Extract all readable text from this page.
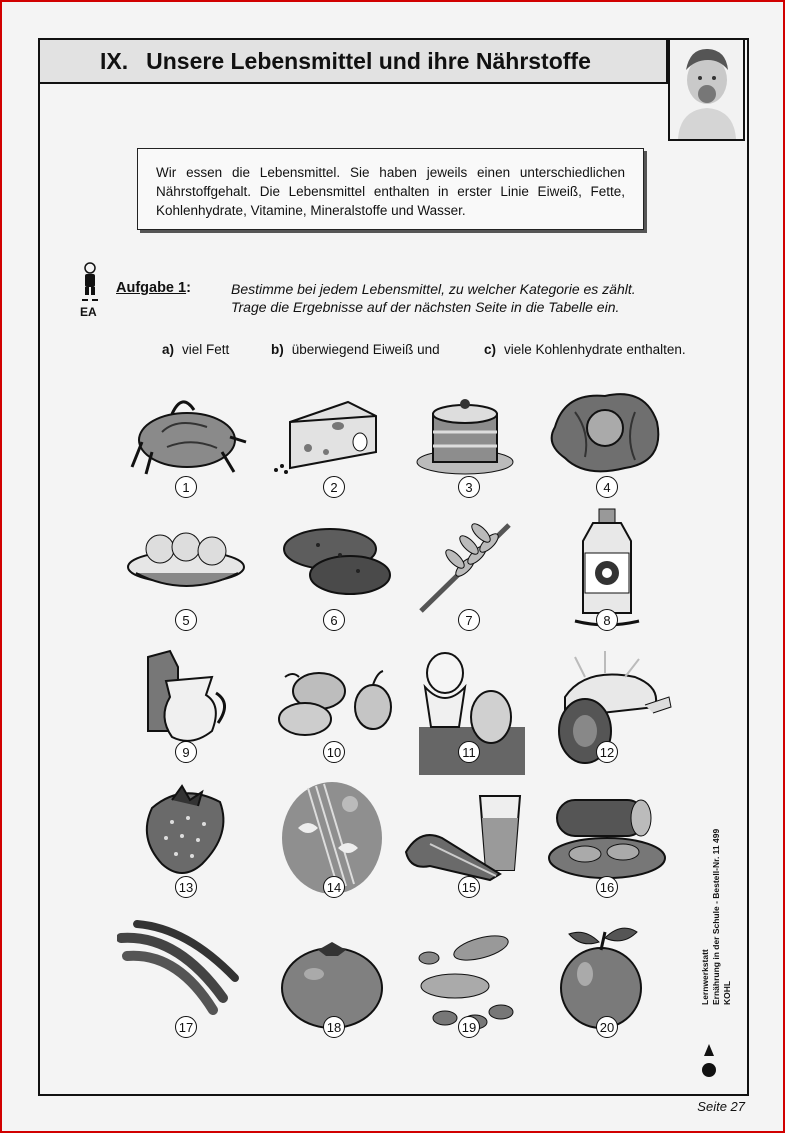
IX. Unsere Lebensmittel und ihre Nährstoffe
Wir essen die Lebensmittel. Sie haben jeweils einen unterschiedlichen Nährstoffgehalt. Die Lebensmittel enthalten in erster Linie Eiweiß, Fette, Kohlenhydrate, Vitamine, Mineralstoffe und Wasser.
EA
Aufgabe 1:	Bestimme bei jedem Lebensmittel, zu welcher Kategorie es zählt.
Trage die Ergebnisse auf der nächsten Seite in die Tabelle ein.
a) viel Fett	b) überwiegend Eiweiß und	c) viele Kohlenhydrate enthalten.
1	2	3	4
5	6	7	8
9	10	11	12
13	14	15	16
17	18	19	20
Lernwerkstatt Ernährung in der Schule - Bestell-Nr. 11 499 KOHL
Seite 27
